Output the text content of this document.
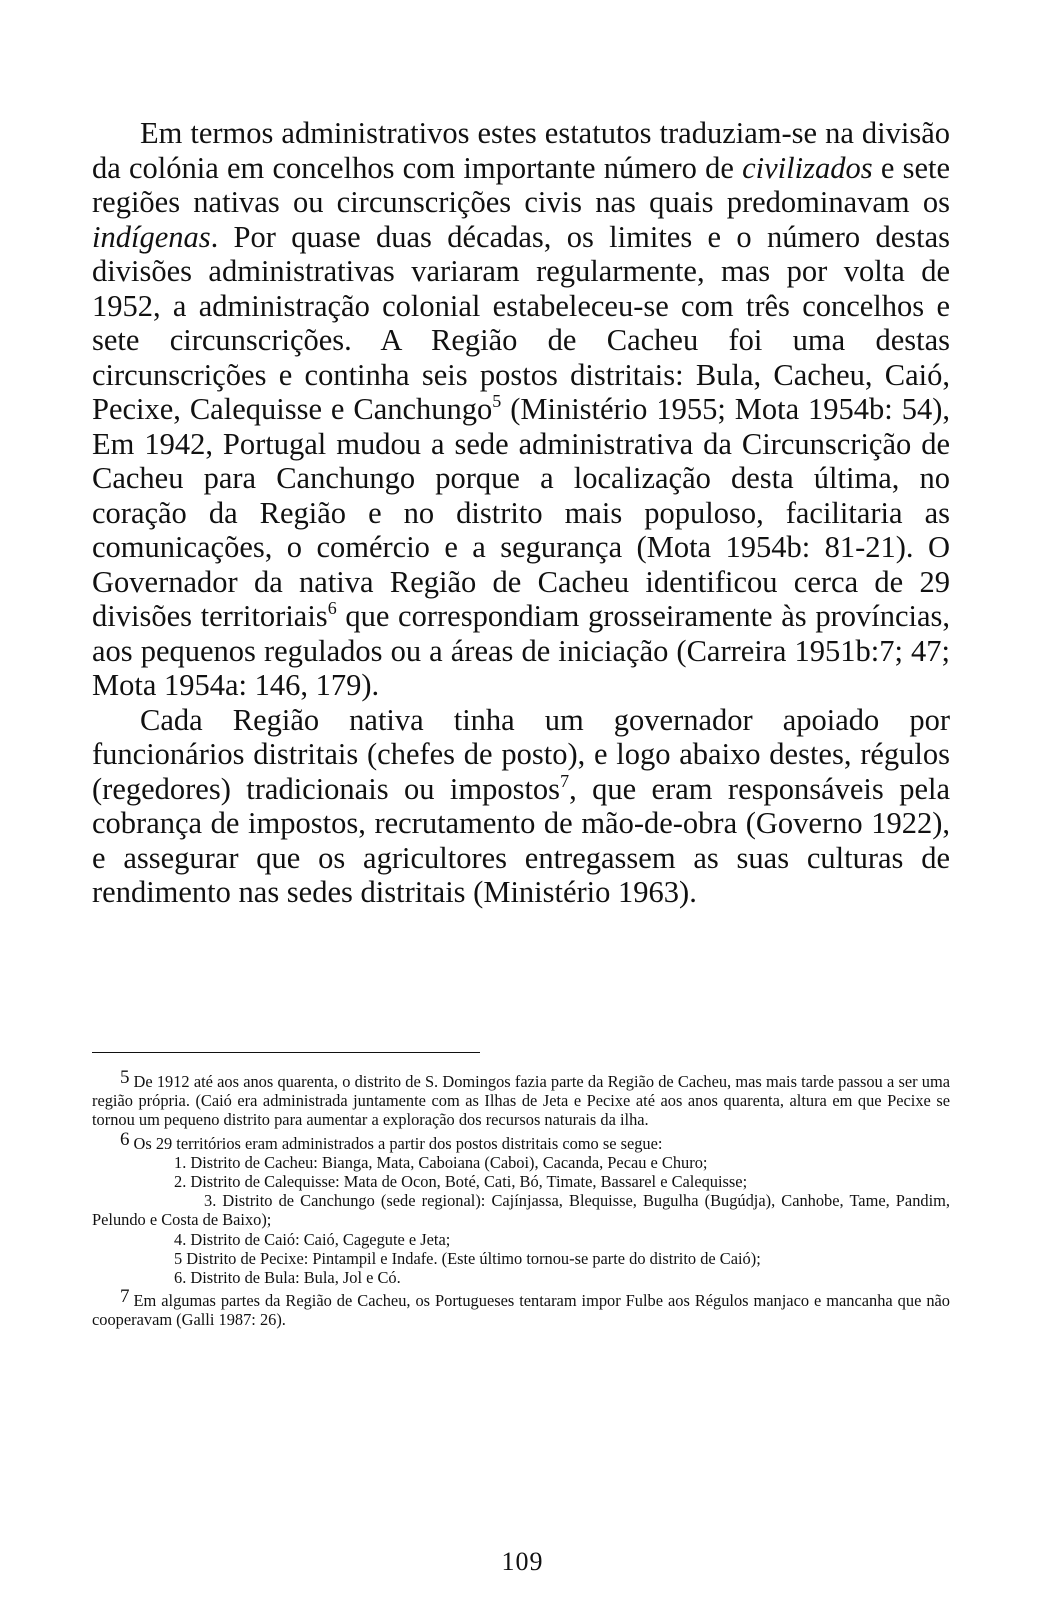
Em termos administrativos estes estatutos traduziam-se na divisão da colónia em concelhos com importante número de civilizados e sete regiões nativas ou circunscrições civis nas quais predominavam os indígenas. Por quase duas décadas, os limites e o número destas divisões administrativas variaram regularmente, mas por volta de 1952, a administração colonial estabeleceu-se com três concelhos e sete circunscrições. A Região de Cacheu foi uma destas circunscrições e continha seis postos distritais: Bula, Cacheu, Caió, Pecixe, Calequisse e Canchungo$^5$ (Ministério 1955; Mota 1954b: 54), Em 1942, Portugal mudou a sede administrativa da Circunscrição de Cacheu para Canchungo porque a localização desta última, no coração da Região e no distrito mais populoso, facilitaria as comunicações, o comércio e a segurança (Mota 1954b: 81-21). O Governador da nativa Região de Cacheu identificou cerca de 29 divisões territoriais$^6$ que correspondiam grosseiramente às províncias, aos pequenos regulados ou a áreas de iniciação (Carreira 1951b:7; 47; Mota 1954a: 146, 179).

Cada Região nativa tinha um governador apoiado por funcionários distritais (chefes de posto), e logo abaixo destes, régulos (regedores) tradicionais ou impostos$^7$, que eram responsáveis pela cobrança de impostos, recrutamento de mão-de-obra (Governo 1922), e assegurar que os agricultores entregassem as suas culturas de rendimento nas sedes distritais (Ministério 1963).

5 De 1912 até aos anos quarenta, o distrito de S. Domingos fazia parte da Região de Cacheu, mas mais tarde passou a ser uma região própria. (Caió era administrada juntamente com as Ilhas de Jeta e Pecixe até aos anos quarenta, altura em que Pecixe se tornou um pequeno distrito para aumentar a exploração dos recursos naturais da ilha.

6 Os 29 territórios eram administrados a partir dos postos distritais como se segue:

1. Distrito de Cacheu: Bianga, Mata, Caboiana (Caboi), Cacanda, Pecau e Churo;

2. Distrito de Calequisse: Mata de Ocon, Boté, Cati, Bó, Timate, Bassarel e Calequisse;

3. Distrito de Canchungo (sede regional): Cajínjassa, Blequisse, Bugulha (Bugúdja), Canhobe, Tame, Pandim, Pelundo e Costa de Baixo);

4. Distrito de Caió: Caió, Cagegute e Jeta;

5 Distrito de Pecixe: Pintampil e Indafe. (Este último tornou-se parte do distrito de Caió);

6. Distrito de Bula: Bula, Jol e Có.

7 Em algumas partes da Região de Cacheu, os Portugueses tentaram impor Fulbe aos Régulos manjaco e mancanha que não cooperavam (Galli 1987: 26).

109
